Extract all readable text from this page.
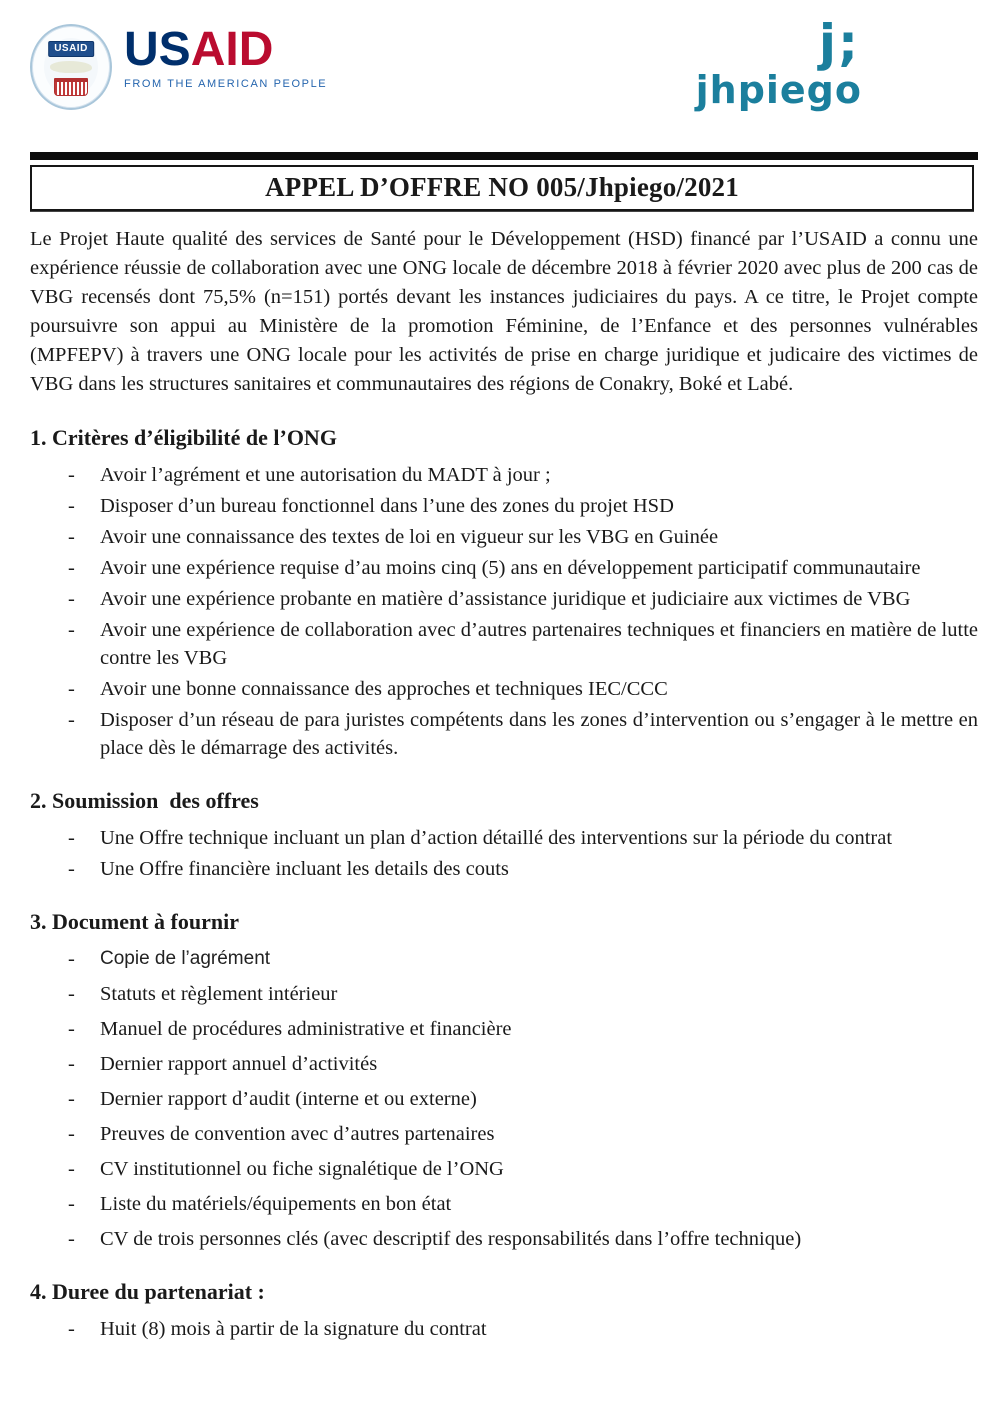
USAID USAID
FROM THE AMERICAN PEOPLE
j;
jhpiego
APPEL D’OFFRE NO 005/Jhpiego/2021

Le Projet Haute qualité des services de Santé pour le Développement (HSD) financé par l’USAID a connu une expérience réussie de collaboration avec une ONG locale de décembre 2018 à février 2020 avec plus de 200 cas de VBG recensés dont 75,5% (n=151) portés devant les instances judiciaires du pays. A ce titre, le Projet compte poursuivre son appui au Ministère de la promotion Féminine, de l’Enfance et des personnes vulnérables (MPFEPV) à travers une ONG locale pour les activités de prise en charge juridique et judicaire des victimes de VBG dans les structures sanitaires et communautaires des régions de Conakry, Boké et Labé.

1. Critères d’éligibilité de l’ONG
-	Avoir l’agrément et une autorisation du MADT à jour ;
-	Disposer d’un bureau fonctionnel dans l’une des zones du projet HSD
-	Avoir une connaissance des textes de loi en vigueur sur les VBG en Guinée
-	Avoir une expérience requise d’au moins cinq (5) ans en développement participatif communautaire
-	Avoir une expérience probante en matière d’assistance juridique et judiciaire aux victimes de VBG
-	Avoir une expérience de collaboration avec d’autres partenaires techniques et financiers en matière de lutte contre les VBG
-	Avoir une bonne connaissance des approches et techniques IEC/CCC
-	Disposer d’un réseau de para juristes compétents dans les zones d’intervention ou s’engager à le mettre en place dès le démarrage des activités.
2. Soumission  des offres
-	Une Offre technique incluant un plan d’action détaillé des interventions sur la période du contrat
-	Une Offre financière incluant les details des couts
3. Document à fournir
-	Copie de l’agrément
-	Statuts et règlement intérieur
-	Manuel de procédures administrative et financière
-	Dernier rapport annuel d’activités
-	Dernier rapport d’audit (interne et ou externe)
-	Preuves de convention avec d’autres partenaires
-	CV institutionnel ou fiche signalétique de l’ONG
-	Liste du matériels/équipements en bon état
-	CV de trois personnes clés (avec descriptif des responsabilités dans l’offre technique)
4. Duree du partenariat :
-	Huit (8) mois à partir de la signature du contrat
